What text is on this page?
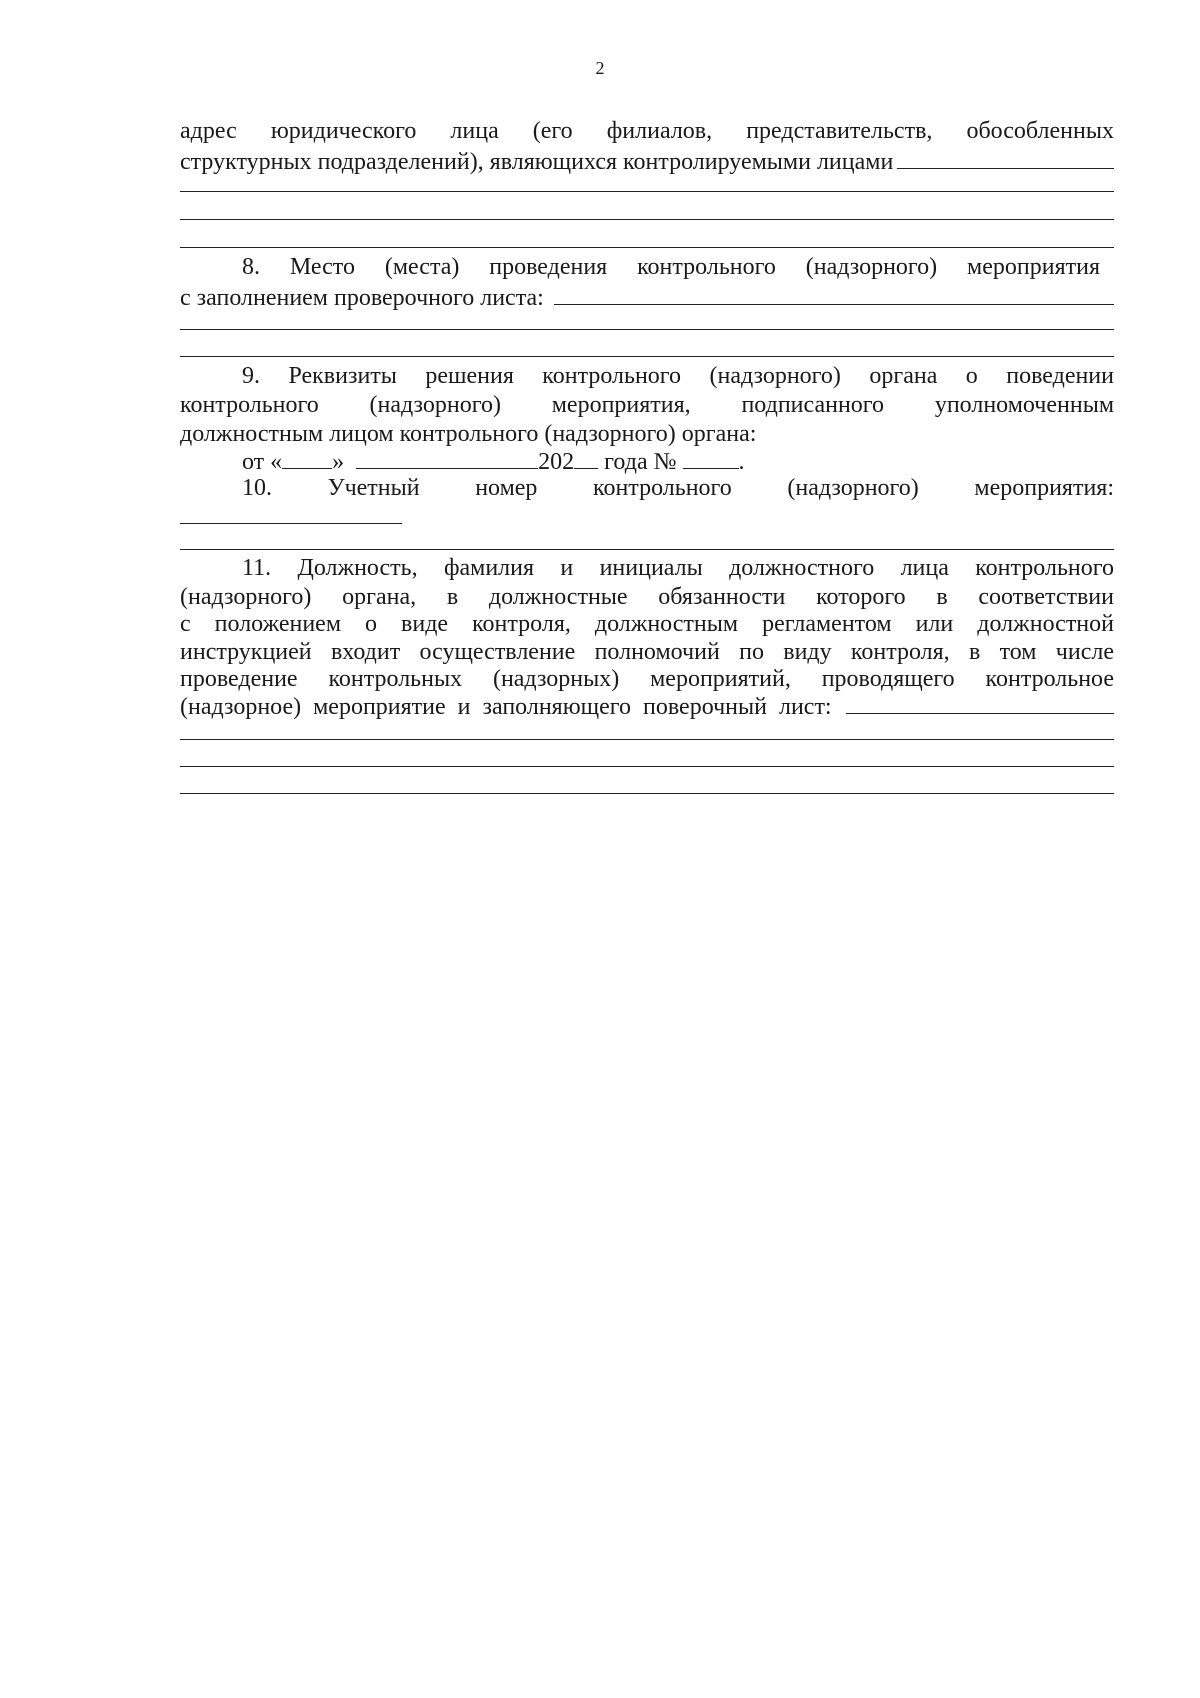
2
адрес юридического лица (его филиалов, представительств, обособленных
структурных подразделений), являющихся контролируемыми лицами
8. Место (места) проведения контрольного (надзорного) мероприятия
с заполнением проверочного листа:
9. Реквизиты решения контрольного (надзорного) органа о поведении
контрольного (надзорного) мероприятия, подписанного уполномоченным
должностным лицом контрольного (надзорного) органа:
от « »	202 года №	.
10. Учетный номер контрольного (надзорного) мероприятия:
11. Должность, фамилия и инициалы должностного лица контрольного
(надзорного) органа, в должностные обязанности которого в соответствии
с положением о виде контроля, должностным регламентом или должностной
инструкцией входит осуществление полномочий по виду контроля, в том числе
проведение контрольных (надзорных) мероприятий, проводящего контрольное
(надзорное) мероприятие и заполняющего поверочный лист:
